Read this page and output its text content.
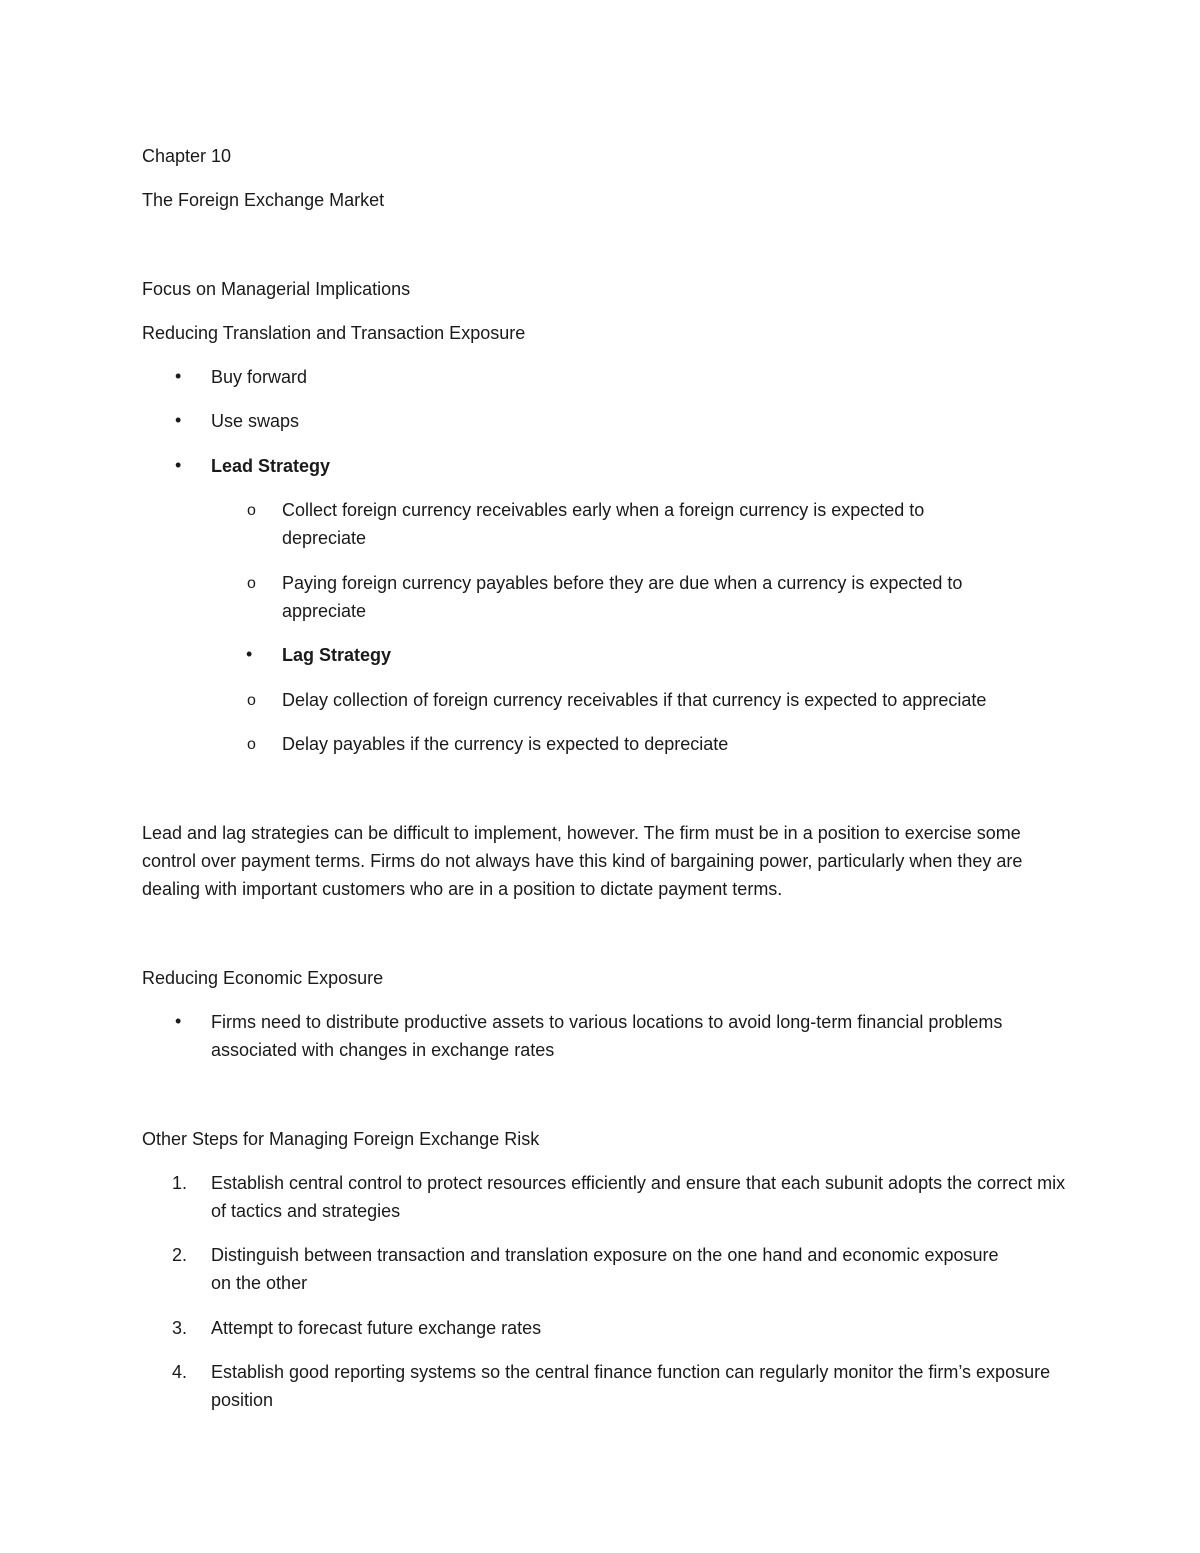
Chapter 10
The Foreign Exchange Market
Focus on Managerial Implications
Reducing Translation and Transaction Exposure
• Buy forward
• Use swaps
• Lead Strategy
o Collect foreign currency receivables early when a foreign currency is expected to depreciate
o Paying foreign currency payables before they are due when a currency is expected to appreciate
• Lag Strategy
o Delay collection of foreign currency receivables if that currency is expected to appreciate
o Delay payables if the currency is expected to depreciate
Lead and lag strategies can be difficult to implement, however. The firm must be in a position to exercise some control over payment terms. Firms do not always have this kind of bargaining power, particularly when they are dealing with important customers who are in a position to dictate payment terms.
Reducing Economic Exposure
• Firms need to distribute productive assets to various locations to avoid long-term financial problems associated with changes in exchange rates
Other Steps for Managing Foreign Exchange Risk
1. Establish central control to protect resources efficiently and ensure that each subunit adopts the correct mix of tactics and strategies
2. Distinguish between transaction and translation exposure on the one hand and economic exposure on the other
3. Attempt to forecast future exchange rates
4. Establish good reporting systems so the central finance function can regularly monitor the firm’s exposure position
